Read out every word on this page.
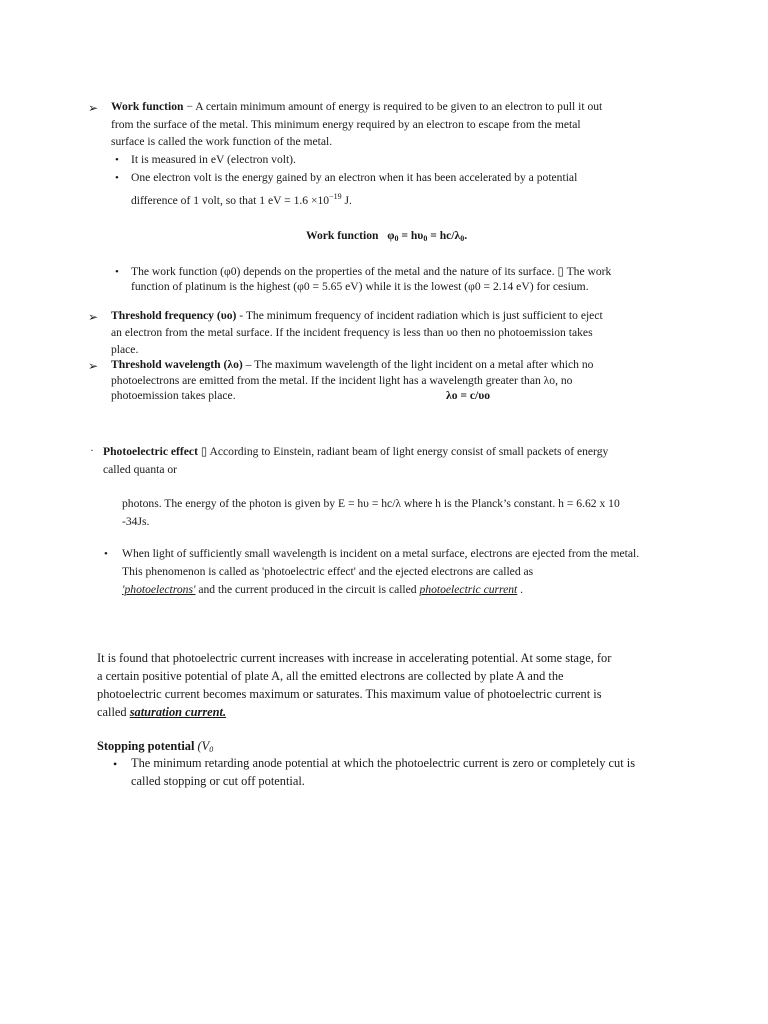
➢ Work function − A certain minimum amount of energy is required to be given to an electron to pull it out
from the surface of the metal. This minimum energy required by an electron to escape from the metal
surface is called the work function of the metal.
• It is measured in eV (electron volt).
• One electron volt is the energy gained by an electron when it has been accelerated by a potential
difference of 1 volt, so that 1 eV = $1.6 \times 10^{-19}$ J.
Work function $\varphi_0 = h\upsilon_0 = hc/\lambda_0$.
• The work function (φ0) depends on the properties of the metal and the nature of its surface. ▯ The work
function of platinum is the highest (φ0 = 5.65 eV) while it is the lowest (φ0 = 2.14 eV) for cesium.
➢ Threshold frequency (υo) - The minimum frequency of incident radiation which is just sufficient to eject
an electron from the metal surface. If the incident frequency is less than υo then no photoemission takes
place.
➢ Threshold wavelength (λo) – The maximum wavelength of the light incident on a metal after which no
photoelectrons are emitted from the metal. If the incident light has a wavelength greater than λo, no
photoemission takes place.	λo = c/υo
· Photoelectric effect ▯ According to Einstein, radiant beam of light energy consist of small packets of energy
called quanta or
photons. The energy of the photon is given by E = hυ = hc/λ where h is the Planck’s constant. h = 6.62 x 10
-34Js.
• When light of sufficiently small wavelength is incident on a metal surface, electrons are ejected from the metal.
This phenomenon is called as 'photoelectric effect' and the ejected electrons are called as
'photoelectrons' and the current produced in the circuit is called photoelectric current .
It is found that photoelectric current increases with increase in accelerating potential. At some stage, for
a certain positive potential of plate A, all the emitted electrons are collected by plate A and the
photoelectric current becomes maximum or saturates. This maximum value of photoelectric current is
called saturation current.
Stopping potential ($V_0$
• The minimum retarding anode potential at which the photoelectric current is zero or completely cut is
called stopping or cut off potential.
